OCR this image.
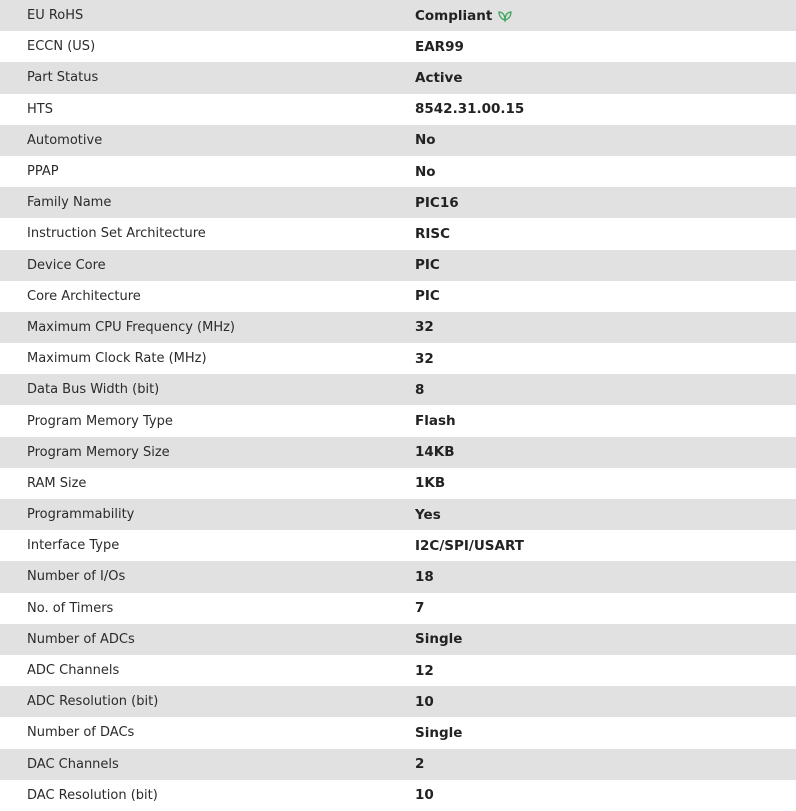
EU RoHS	Compliant
ECCN (US)	EAR99
Part Status	Active
HTS	8542.31.00.15
Automotive	No
PPAP	No
Family Name	PIC16
Instruction Set Architecture	RISC
Device Core	PIC
Core Architecture	PIC
Maximum CPU Frequency (MHz)	32
Maximum Clock Rate (MHz)	32
Data Bus Width (bit)	8
Program Memory Type	Flash
Program Memory Size	14KB
RAM Size	1KB
Programmability	Yes
Interface Type	I2C/SPI/USART
Number of I/Os	18
No. of Timers	7
Number of ADCs	Single
ADC Channels	12
ADC Resolution (bit)	10
Number of DACs	Single
DAC Channels	2
DAC Resolution (bit)	10
